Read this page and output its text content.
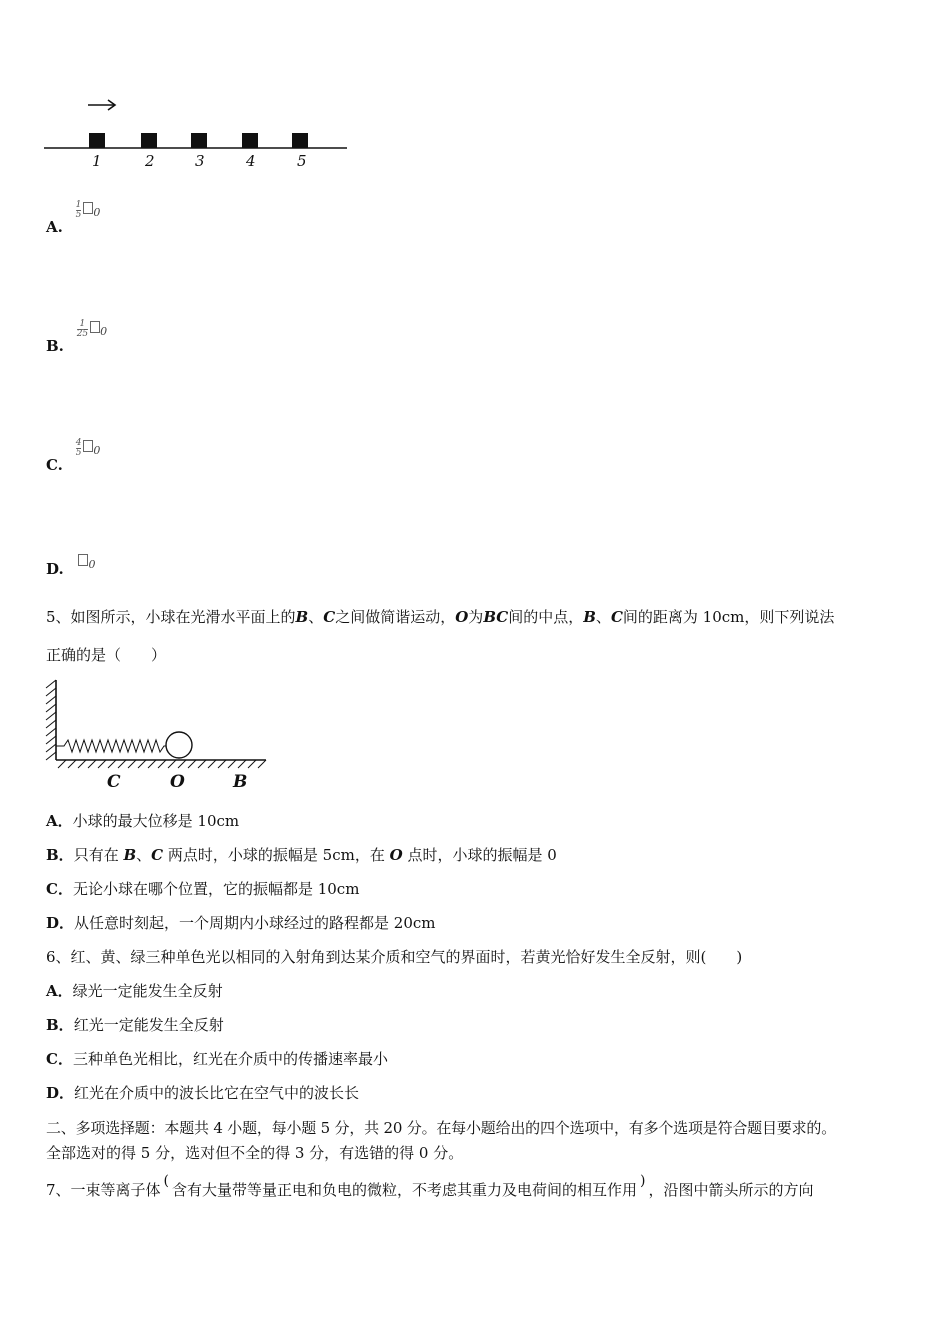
1	2	3	4	5
A.
$\frac{1}{5} 0$
B.
$\frac{1}{25} 0$
C.
$\frac{4}{5} 0$
D. 0
5、如图所示，小球在光滑水平面上的B、C之间做简谐运动，O为BC间的中点，B、C间的距离为 10cm，则下列说法
正确的是（　　）
C	O	B
A．小球的最大位移是 10cm
B．只有在 B、C 两点时，小球的振幅是 5cm，在 O 点时，小球的振幅是 0
C．无论小球在哪个位置，它的振幅都是 10cm
D．从任意时刻起，一个周期内小球经过的路程都是 20cm
6、红、黄、绿三种单色光以相同的入射角到达某介质和空气的界面时，若黄光恰好发生全反射，则(　　)
A．绿光一定能发生全反射
B．红光一定能发生全反射
C．三种单色光相比，红光在介质中的传播速率最小
D．红光在介质中的波长比它在空气中的波长长
二、多项选择题：本题共 4 小题，每小题 5 分，共 20 分。在每小题给出的四个选项中，有多个选项是符合题目要求的。
全部选对的得 5 分，选对但不全的得 3 分，有选错的得 0 分。
7、一束等离子体 ( 含有大量带等量正电和负电的微粒，不考虑其重力及电荷间的相互作用 ) ，沿图中箭头所示的方向
